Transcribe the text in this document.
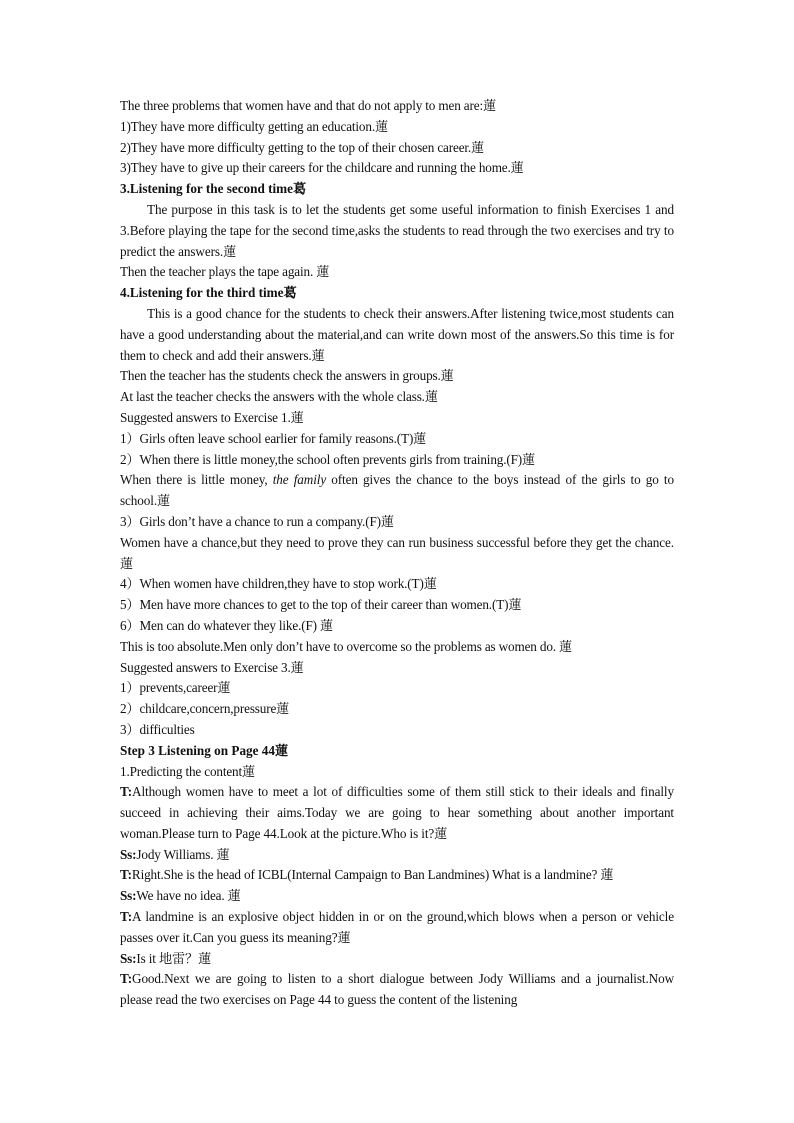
The three problems that women have and that do not apply to men are:蓮
1)They have more difficulty getting an education.蓮
2)They have more difficulty getting to the top of their chosen career.蓮
3)They have to give up their careers for the childcare and running the home.蓮
3.Listening for the second time葛
The purpose in this task is to let the students get some useful information to finish Exercises 1 and 3.Before playing the tape for the second time,asks the students to read through the two exercises and try to predict the answers.蓮
Then the teacher plays the tape again. 蓮
4.Listening for the third time葛
This is a good chance for the students to check their answers.After listening twice,most students can have a good understanding about the material,and can write down most of the answers.So this time is for them to check and add their answers.蓮
Then the teacher has the students check the answers in groups.蓮
At last the teacher checks the answers with the whole class.蓮
Suggested answers to Exercise 1.蓮
1）Girls often leave school earlier for family reasons.(T)蓮
2）When there is little money,the school often prevents girls from training.(F)蓮
When there is little money, the family often gives the chance to the boys instead of the girls to go to school.蓮
3）Girls don’t have a chance to run a company.(F)蓮
Women have a chance,but they need to prove they can run business successful before they get the chance.蓮
4）When women have children,they have to stop work.(T)蓮
5）Men have more chances to get to the top of their career than women.(T)蓮
6）Men can do whatever they like.(F) 蓮
This is too absolute.Men only don’t have to overcome so the problems as women do. 蓮
Suggested answers to Exercise 3.蓮
1）prevents,career蓮
2）childcare,concern,pressure蓮
3）difficulties
Step 3 Listening on Page 44蓮
1.Predicting the content蓮
T:Although women have to meet a lot of difficulties some of them still stick to their ideals and finally succeed in achieving their aims.Today we are going to hear something about another important woman.Please turn to Page 44.Look at the picture.Who is it?蓮
Ss:Jody Williams. 蓮
T:Right.She is the head of ICBL(Internal Campaign to Ban Landmines) What is a landmine? 蓮
Ss:We have no idea. 蓮
T:A landmine is an explosive object hidden in or on the ground,which blows when a person or vehicle passes over it.Can you guess its meaning?蓮
Ss:Is it 地雷？蓮
T:Good.Next we are going to listen to a short dialogue between Jody Williams and a journalist.Now please read the two exercises on Page 44 to guess the content of the listening
